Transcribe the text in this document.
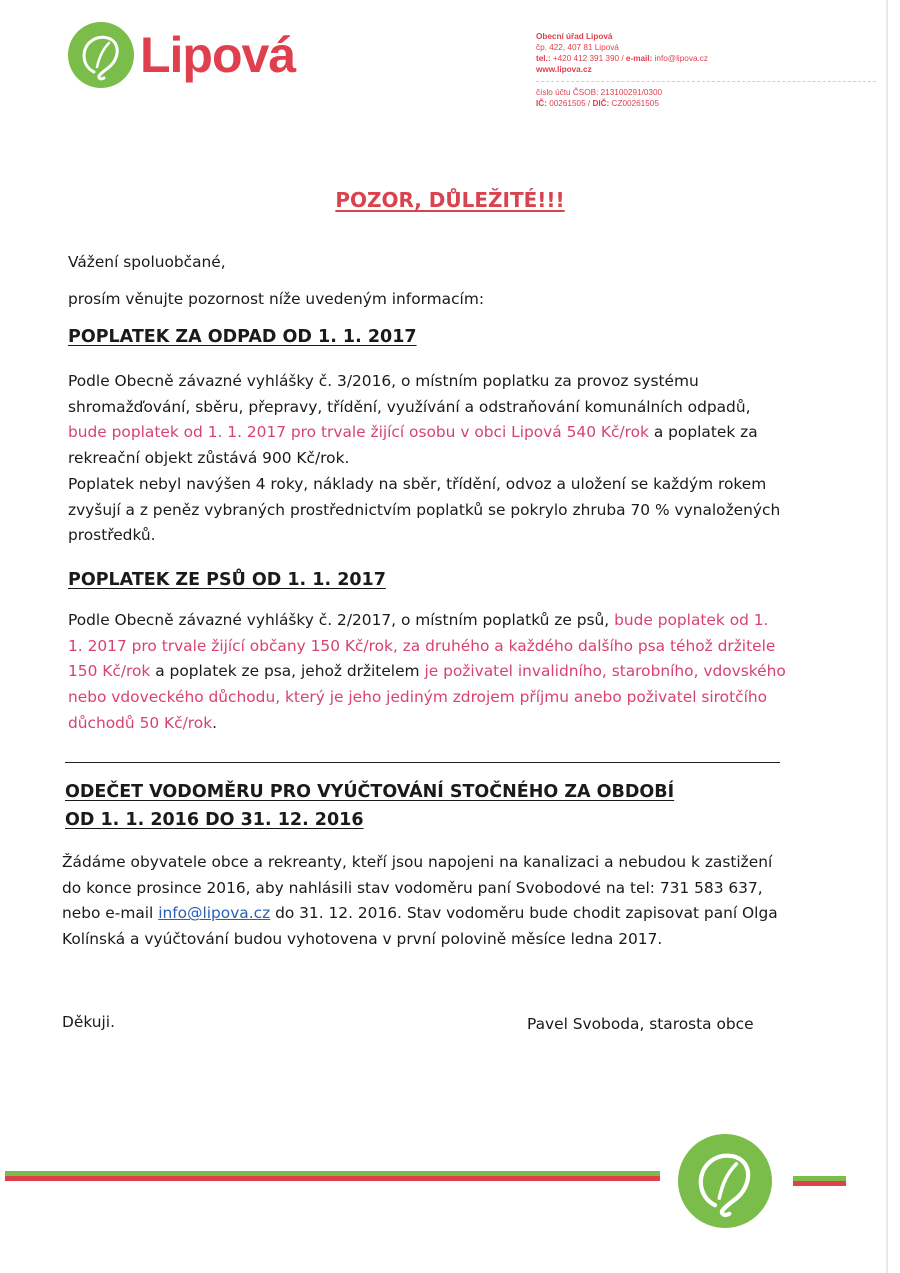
Lipová	Obecní úřad Lipová
čp. 422, 407 81 Lipová
tel.: +420 412 391 390 / e-mail: info@lipova.cz
www.lipova.cz
číslo účtu ČSOB: 213100291/0300
IČ: 00261505 / DIČ: CZ00261505
POZOR, DŮLEŽITÉ!!!

Vážení spoluobčané,

prosím věnujte pozornost níže uvedeným informacím:

POPLATEK ZA ODPAD OD 1. 1. 2017

Podle Obecně závazné vyhlášky č. 3/2016, o místním poplatku za provoz systému shromažďování, sběru, přepravy, třídění, využívání a odstraňování komunálních odpadů, bude poplatek od 1. 1. 2017 pro trvale žijící osobu v obci Lipová 540 Kč/rok a poplatek za rekreační objekt zůstává 900 Kč/rok.

Poplatek nebyl navýšen 4 roky, náklady na sběr, třídění, odvoz a uložení se každým rokem zvyšují a z peněz vybraných prostřednictvím poplatků se pokrylo zhruba 70 % vynaložených prostředků.

POPLATEK ZE PSŮ OD 1. 1. 2017

Podle Obecně závazné vyhlášky č. 2/2017, o místním poplatků ze psů, bude poplatek od 1. 1. 2017 pro trvale žijící občany 150 Kč/rok, za druhého a každého dalšího psa téhož držitele 150 Kč/rok a poplatek ze psa, jehož držitelem je poživatel invalidního, starobního, vdovského nebo vdoveckého důchodu, který je jeho jediným zdrojem příjmu anebo poživatel sirotčího důchodů 50 Kč/rok.

ODEČET VODOMĚRU PRO VYÚČTOVÁNÍ STOČNÉHO ZA OBDOBÍ

OD 1. 1. 2016 DO 31. 12. 2016

Žádáme obyvatele obce a rekreanty, kteří jsou napojeni na kanalizaci a nebudou k zastižení do konce prosince 2016, aby nahlásili stav vodoměru paní Svobodové na tel: 731 583 637, nebo e-mail info@lipova.cz do 31. 12. 2016. Stav vodoměru bude chodit zapisovat paní Olga Kolínská a vyúčtování budou vyhotovena v první polovině měsíce ledna 2017.

Děkuji.	Pavel Svoboda, starosta obce
